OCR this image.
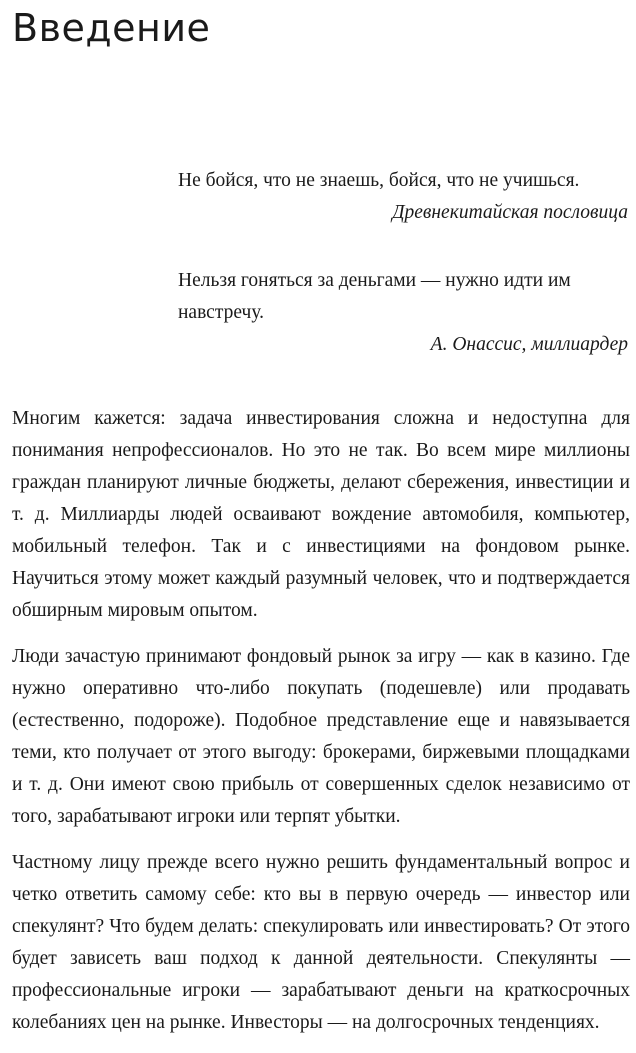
Введение

Не бойся, что не знаешь, бойся, что не учишься.

Древнекитайская пословица

Нельзя гоняться за деньгами — нужно идти им навстречу.

А. Онассис, миллиардер

Многим кажется: задача инвестирования сложна и недоступна для понимания непрофессионалов. Но это не так. Во всем мире миллионы граждан планируют личные бюджеты, делают сбережения, инвестиции и т. д. Миллиарды людей осваивают вождение автомобиля, компьютер, мобильный телефон. Так и с инвестициями на фондовом рынке. Научиться этому может каждый разумный человек, что и подтверждается обширным мировым опытом.

Люди зачастую принимают фондовый рынок за игру — как в казино. Где нужно оперативно что-либо покупать (подешевле) или продавать (естественно, подороже). Подобное представление еще и навязывается теми, кто получает от этого выгоду: брокерами, биржевыми площадками и т. д. Они имеют свою прибыль от совершенных сделок независимо от того, зарабатывают игроки или терпят убытки.

Частному лицу прежде всего нужно решить фундаментальный вопрос и четко ответить самому себе: кто вы в первую очередь — инвестор или спекулянт? Что будем делать: спекулировать или инвестировать? От этого будет зависеть ваш подход к данной деятельности. Спекулянты — профессиональные игроки — зарабатывают деньги на краткосрочных колебаниях цен на рынке. Инвесторы — на долгосрочных тенденциях.
